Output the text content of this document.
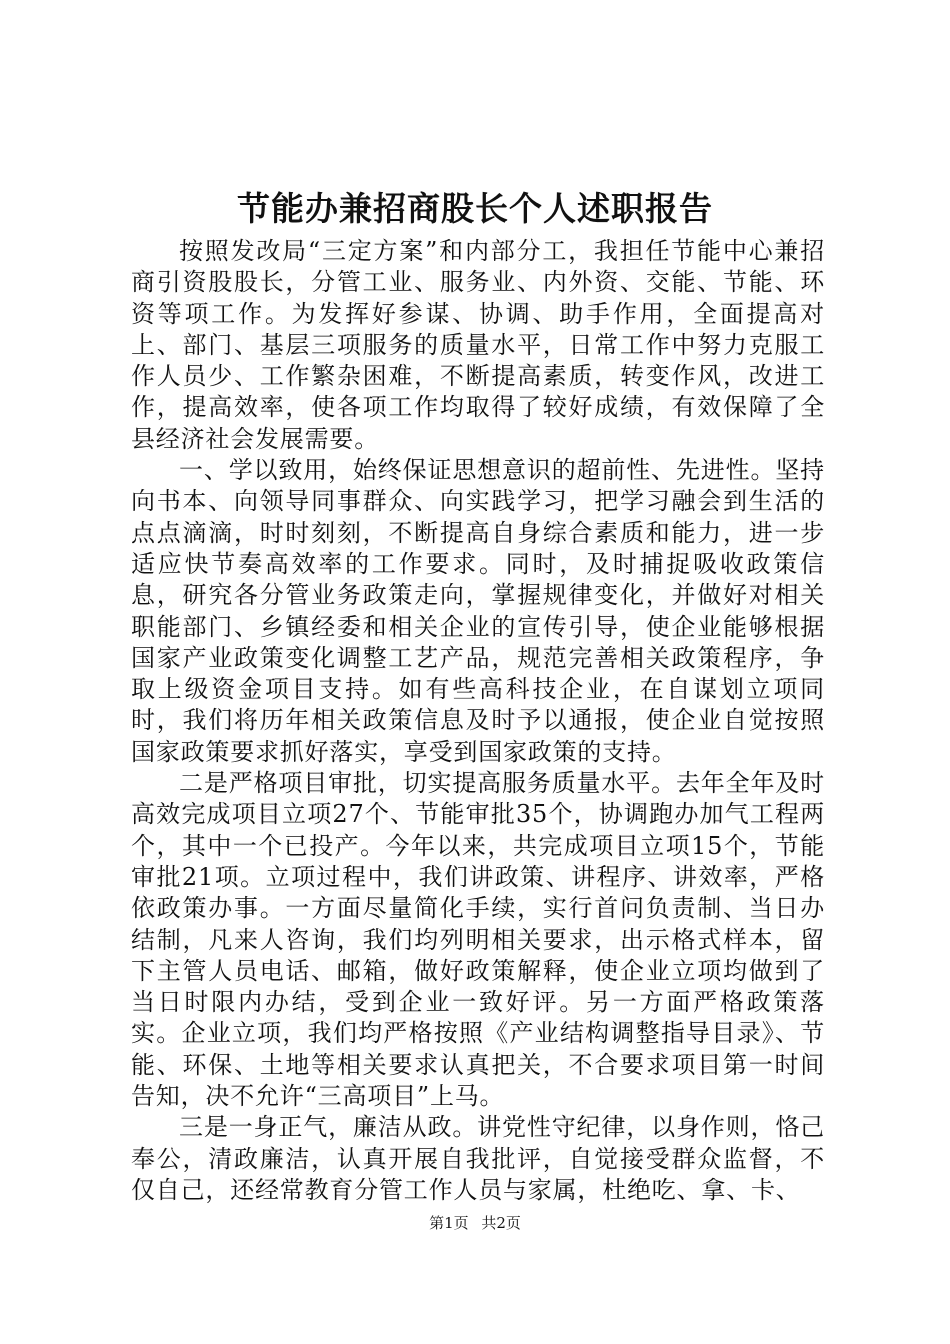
节能办兼招商股长个人述职报告

按照发改局“三定方案”和内部分工，我担任节能中心兼招商引资股股长，分管工业、服务业、内外资、交能、节能、环资等项工作。为发挥好参谋、协调、助手作用，全面提高对上、部门、基层三项服务的质量水平，日常工作中努力克服工作人员少、工作繁杂困难，不断提高素质，转变作风，改进工作，提高效率，使各项工作均取得了较好成绩，有效保障了全县经济社会发展需要。

一、学以致用，始终保证思想意识的超前性、先进性。坚持向书本、向领导同事群众、向实践学习，把学习融会到生活的点点滴滴，时时刻刻，不断提高自身综合素质和能力，进一步适应快节奏高效率的工作要求。同时，及时捕捉吸收政策信息，研究各分管业务政策走向，掌握规律变化，并做好对相关职能部门、乡镇经委和相关企业的宣传引导，使企业能够根据国家产业政策变化调整工艺产品，规范完善相关政策程序，争取上级资金项目支持。如有些高科技企业，在自谋划立项同时，我们将历年相关政策信息及时予以通报，使企业自觉按照国家政策要求抓好落实，享受到国家政策的支持。

二是严格项目审批，切实提高服务质量水平。去年全年及时高效完成项目立项27个、节能审批35个，协调跑办加气工程两个，其中一个已投产。今年以来，共完成项目立项15个，节能审批21项。立项过程中，我们讲政策、讲程序、讲效率，严格依政策办事。一方面尽量简化手续，实行首问负责制、当日办结制，凡来人咨询，我们均列明相关要求，出示格式样本，留下主管人员电话、邮箱，做好政策解释，使企业立项均做到了当日时限内办结，受到企业一致好评。另一方面严格政策落实。企业立项，我们均严格按照《产业结构调整指导目录》、节能、环保、土地等相关要求认真把关，不合要求项目第一时间告知，决不允许“三高项目”上马。

三是一身正气，廉洁从政。讲党性守纪律，以身作则，恪己奉公，清政廉洁，认真开展自我批评，自觉接受群众监督，不仅自己，还经常教育分管工作人员与家属，杜绝吃、拿、卡、

第1页 共2页
